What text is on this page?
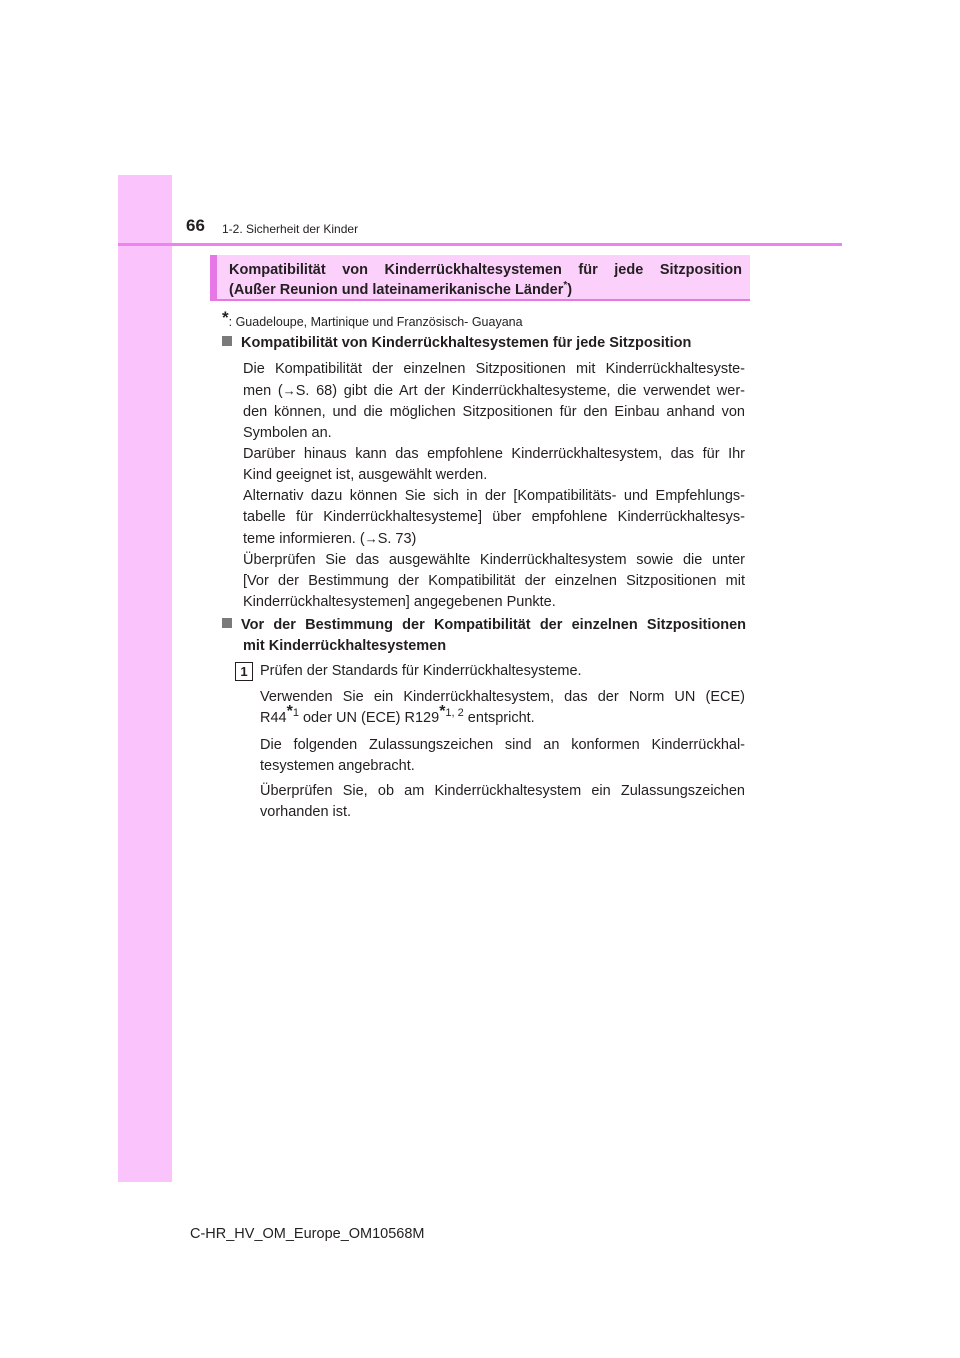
66 1-2. Sicherheit der Kinder
Kompatibilität von Kinderrückhaltesystemen für jede Sitzposition
(Außer Reunion und lateinamerikanische Länder*)
*: Guadeloupe, Martinique und Französisch- Guayana
Kompatibilität von Kinderrückhaltesystemen für jede Sitzposition
Die Kompatibilität der einzelnen Sitzpositionen mit Kinderrückhaltesyste-
men (→S. 68) gibt die Art der Kinderrückhaltesysteme, die verwendet wer-
den können, und die möglichen Sitzpositionen für den Einbau anhand von
Symbolen an.
Darüber hinaus kann das empfohlene Kinderrückhaltesystem, das für Ihr
Kind geeignet ist, ausgewählt werden.
Alternativ dazu können Sie sich in der [Kompatibilitäts- und Empfehlungs-
tabelle für Kinderrückhaltesysteme] über empfohlene Kinderrückhaltesys-
teme informieren. (→S. 73)
Überprüfen Sie das ausgewählte Kinderrückhaltesystem sowie die unter
[Vor der Bestimmung der Kompatibilität der einzelnen Sitzpositionen mit
Kinderrückhaltesystemen] angegebenen Punkte.
Vor der Bestimmung der Kompatibilität der einzelnen Sitzpositionen
mit Kinderrückhaltesystemen
1 Prüfen der Standards für Kinderrückhaltesysteme.
Verwenden Sie ein Kinderrückhaltesystem, das der Norm UN (ECE)
R44$^{*1}$ oder UN (ECE) R129$^{*1, 2}$ entspricht.
Die folgenden Zulassungszeichen sind an konformen Kinderrückhal-
tesystemen angebracht.
Überprüfen Sie, ob am Kinderrückhaltesystem ein Zulassungszeichen
vorhanden ist.
C-HR_HV_OM_Europe_OM10568M
